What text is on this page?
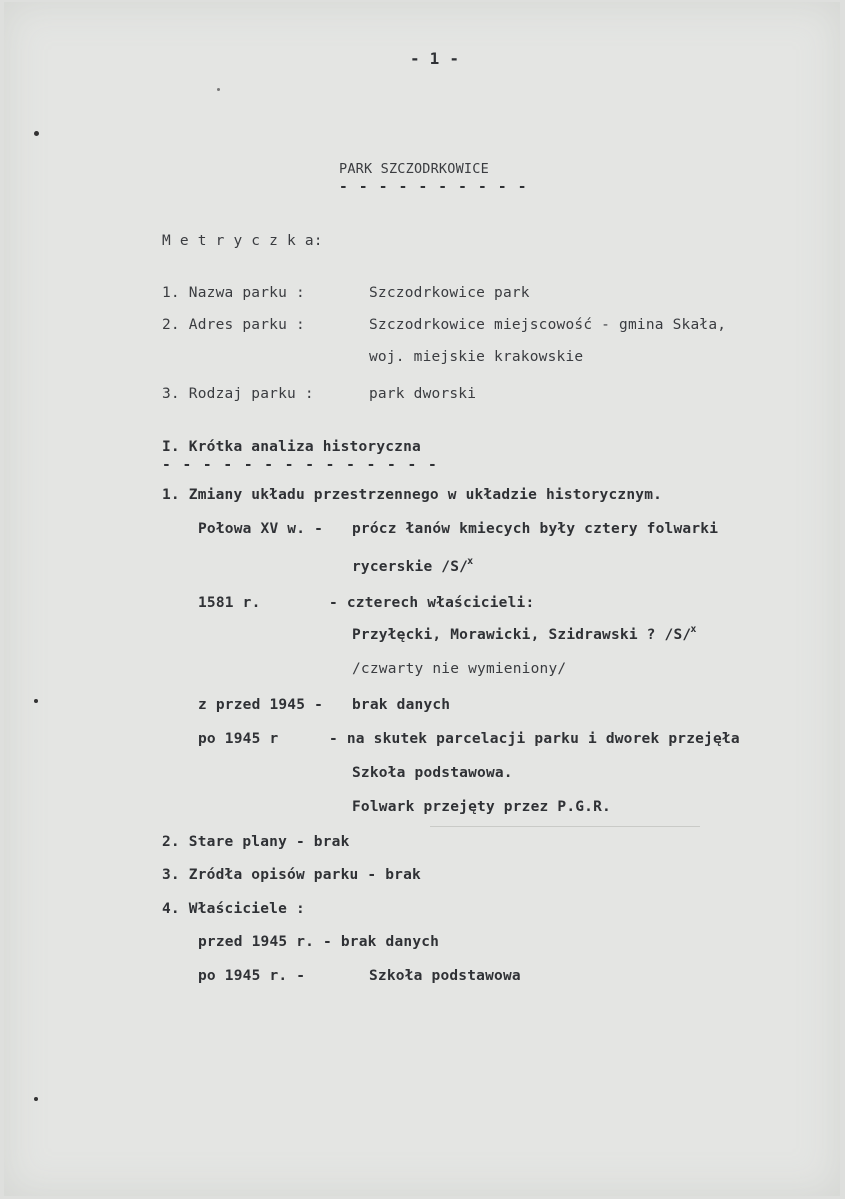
- 1 -
PARK SZCZODRKOWICE
- - - - - - - - - -
M e t r y c z k a:
1. Nazwa parku :	Szczodrkowice park
2. Adres parku :	Szczodrkowice miejscowość - gmina Skała,
woj. miejskie krakowskie
3. Rodzaj parku :	park dworski
I. Krótka analiza historyczna
- - - - - - - - - - - - - -
1. Zmiany układu przestrzennego w układzie historycznym.
Połowa XV w. - prócz łanów kmiecych były cztery folwarki
rycerskie /S/$^x$
1581 r.	- czterech właścicieli:
Przyłęcki, Morawicki, Szidrawski ? /S/$^x$
/czwarty nie wymieniony/
z przed 1945 - brak danych
po 1945 r	- na skutek parcelacji parku i dworek przejęła
Szkoła podstawowa.
Folwark przejęty przez P.G.R.
2. Stare plany - brak
3. Zródła opisów parku - brak
4. Właściciele :
przed 1945 r. - brak danych
po 1945 r. -	Szkoła podstawowa
